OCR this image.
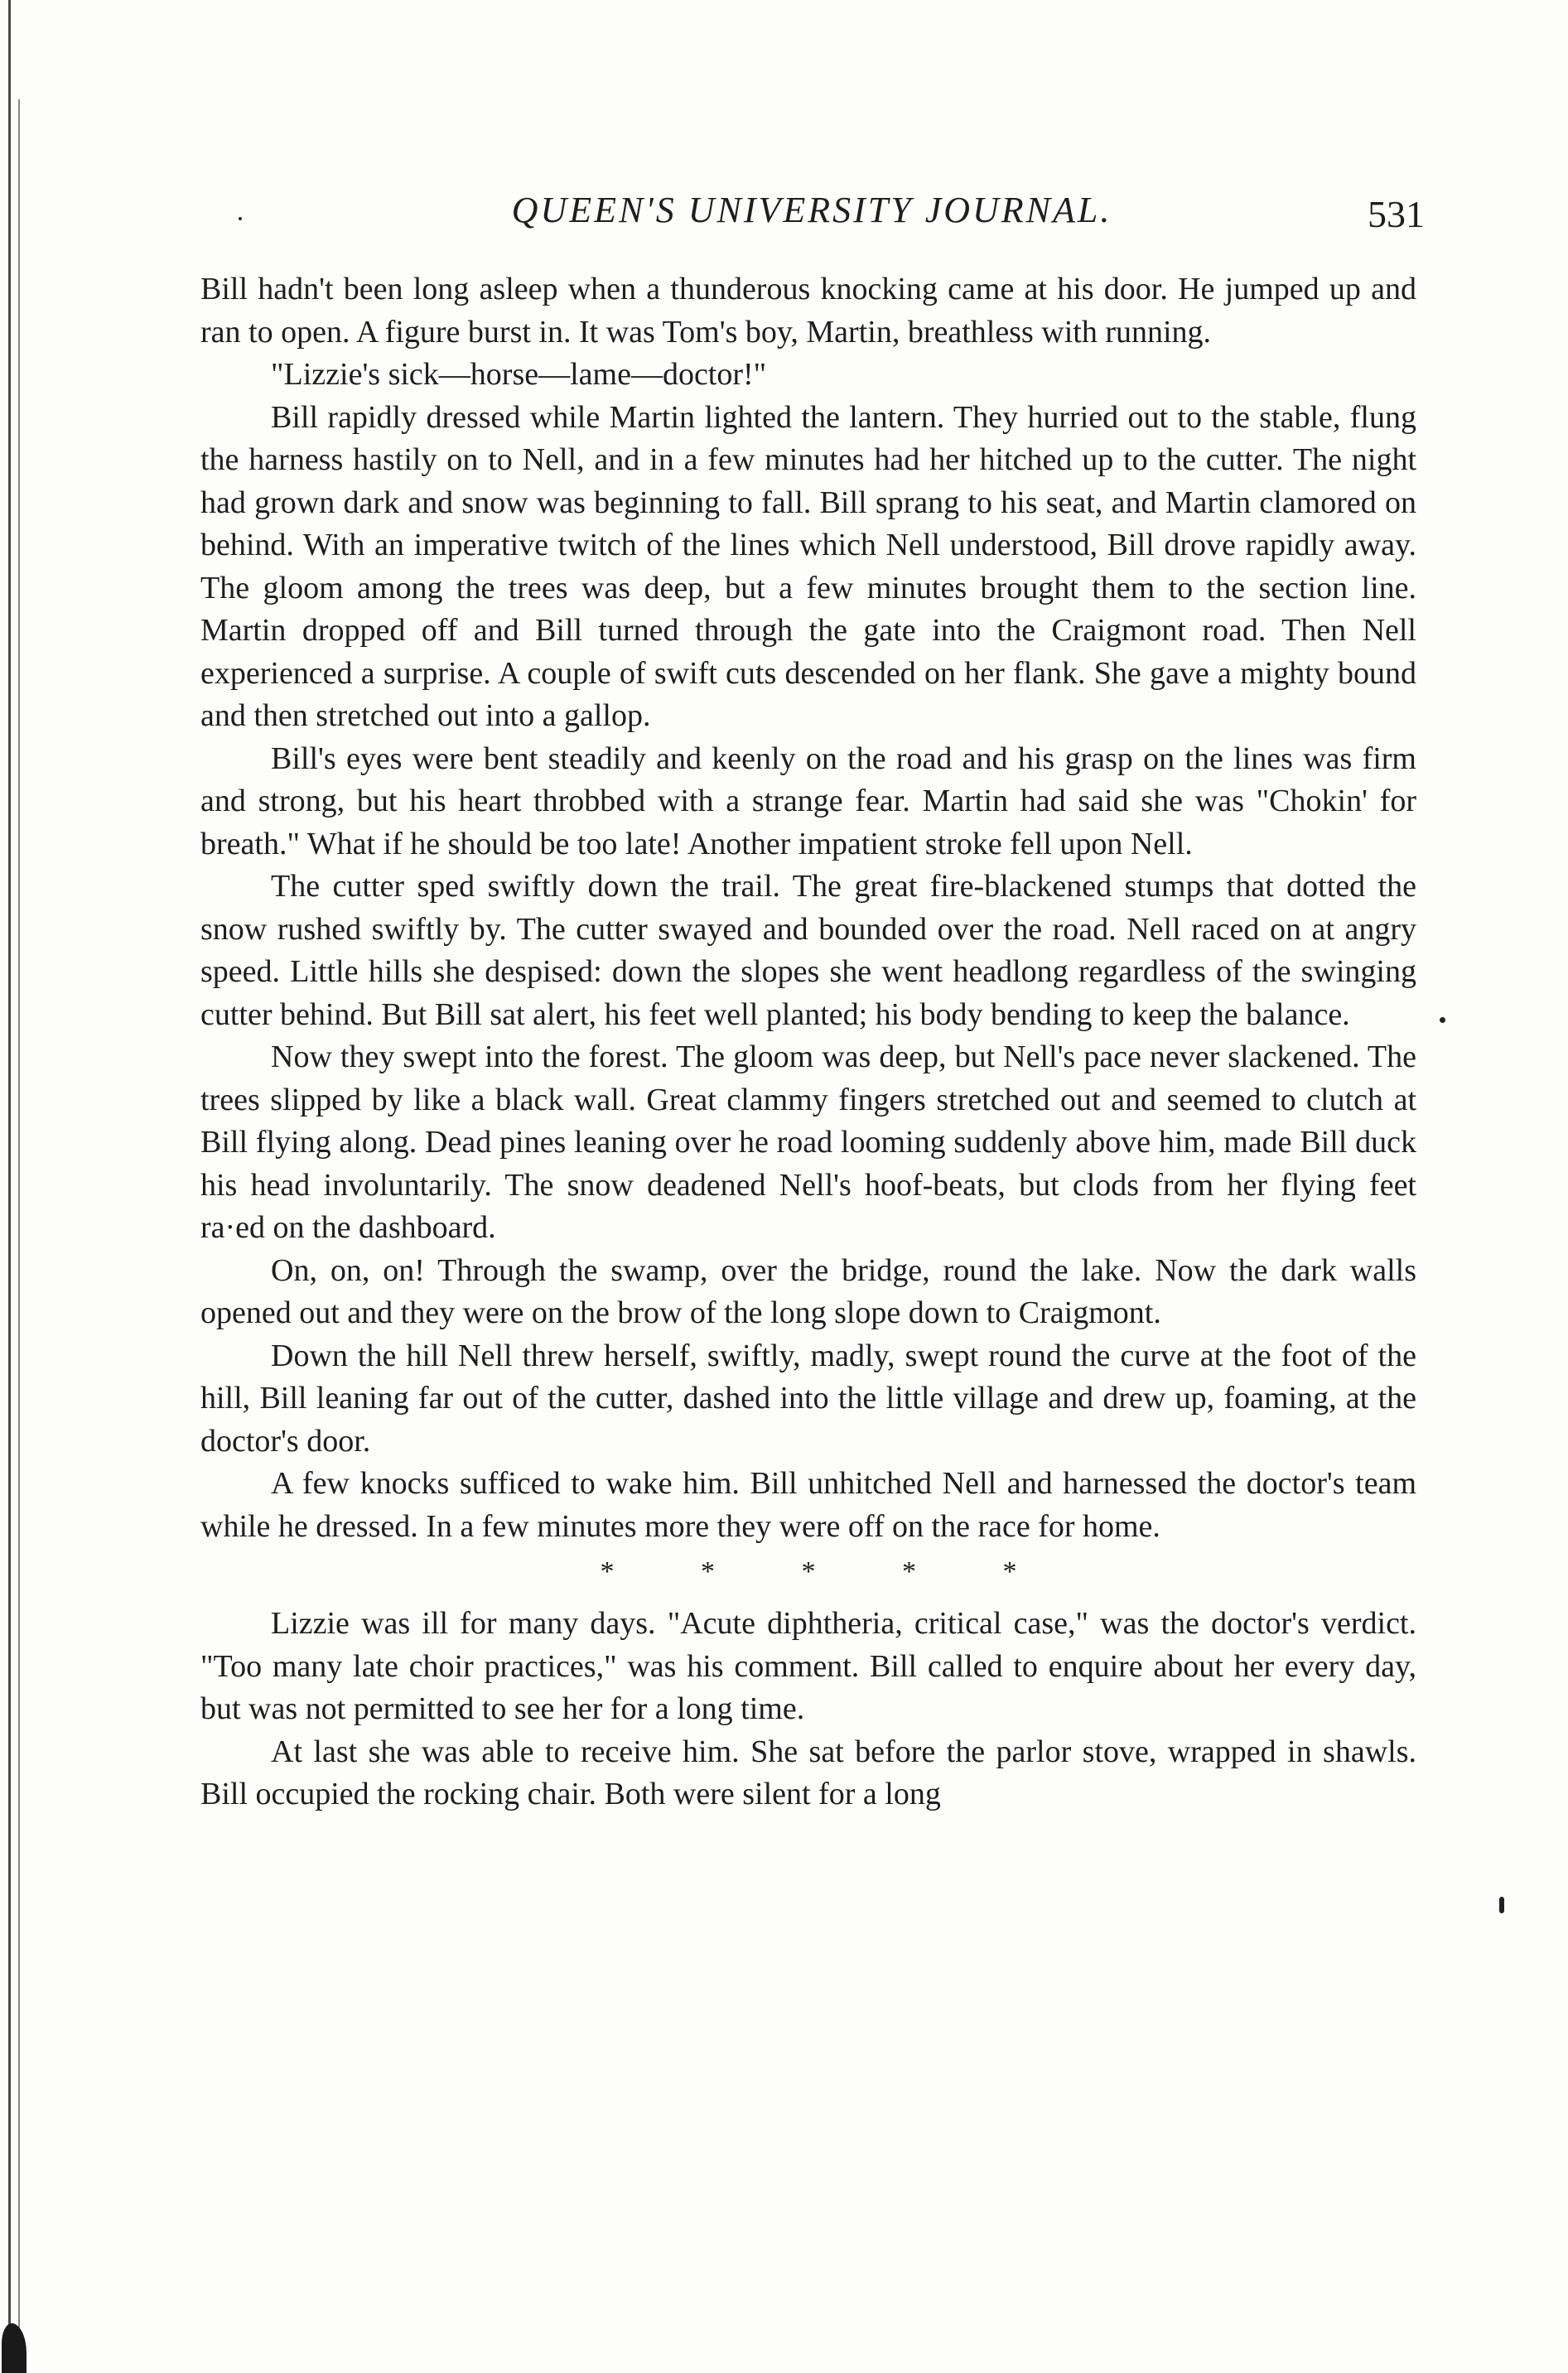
QUEEN'S UNIVERSITY JOURNAL.	531

Bill hadn't been long asleep when a thunderous knocking came at his door. He jumped up and ran to open. A figure burst in. It was Tom's boy, Martin, breathless with running.

"Lizzie's sick—horse—lame—doctor!"

Bill rapidly dressed while Martin lighted the lantern. They hurried out to the stable, flung the harness hastily on to Nell, and in a few minutes had her hitched up to the cutter. The night had grown dark and snow was beginning to fall. Bill sprang to his seat, and Martin clamored on behind. With an imperative twitch of the lines which Nell understood, Bill drove rapidly away. The gloom among the trees was deep, but a few minutes brought them to the section line. Martin dropped off and Bill turned through the gate into the Craigmont road. Then Nell experienced a surprise. A couple of swift cuts descended on her flank. She gave a mighty bound and then stretched out into a gallop.

Bill's eyes were bent steadily and keenly on the road and his grasp on the lines was firm and strong, but his heart throbbed with a strange fear. Martin had said she was "Chokin' for breath." What if he should be too late! Another impatient stroke fell upon Nell.

The cutter sped swiftly down the trail. The great fire-blackened stumps that dotted the snow rushed swiftly by. The cutter swayed and bounded over the road. Nell raced on at angry speed. Little hills she despised: down the slopes she went headlong regardless of the swinging cutter behind. But Bill sat alert, his feet well planted; his body bending to keep the balance.

Now they swept into the forest. The gloom was deep, but Nell's pace never slackened. The trees slipped by like a black wall. Great clammy fingers stretched out and seemed to clutch at Bill flying along. Dead pines leaning over he road looming suddenly above him, made Bill duck his head involuntarily. The snow deadened Nell's hoof-beats, but clods from her flying feet ra·ed on the dashboard.

On, on, on! Through the swamp, over the bridge, round the lake. Now the dark walls opened out and they were on the brow of the long slope down to Craigmont.

Down the hill Nell threw herself, swiftly, madly, swept round the curve at the foot of the hill, Bill leaning far out of the cutter, dashed into the little village and drew up, foaming, at the doctor's door.

A few knocks sufficed to wake him. Bill unhitched Nell and harnessed the doctor's team while he dressed. In a few minutes more they were off on the race for home.

* * * * *

Lizzie was ill for many days. "Acute diphtheria, critical case," was the doctor's verdict. "Too many late choir practices," was his comment. Bill called to enquire about her every day, but was not permitted to see her for a long time.

At last she was able to receive him. She sat before the parlor stove, wrapped in shawls. Bill occupied the rocking chair. Both were silent for a long
